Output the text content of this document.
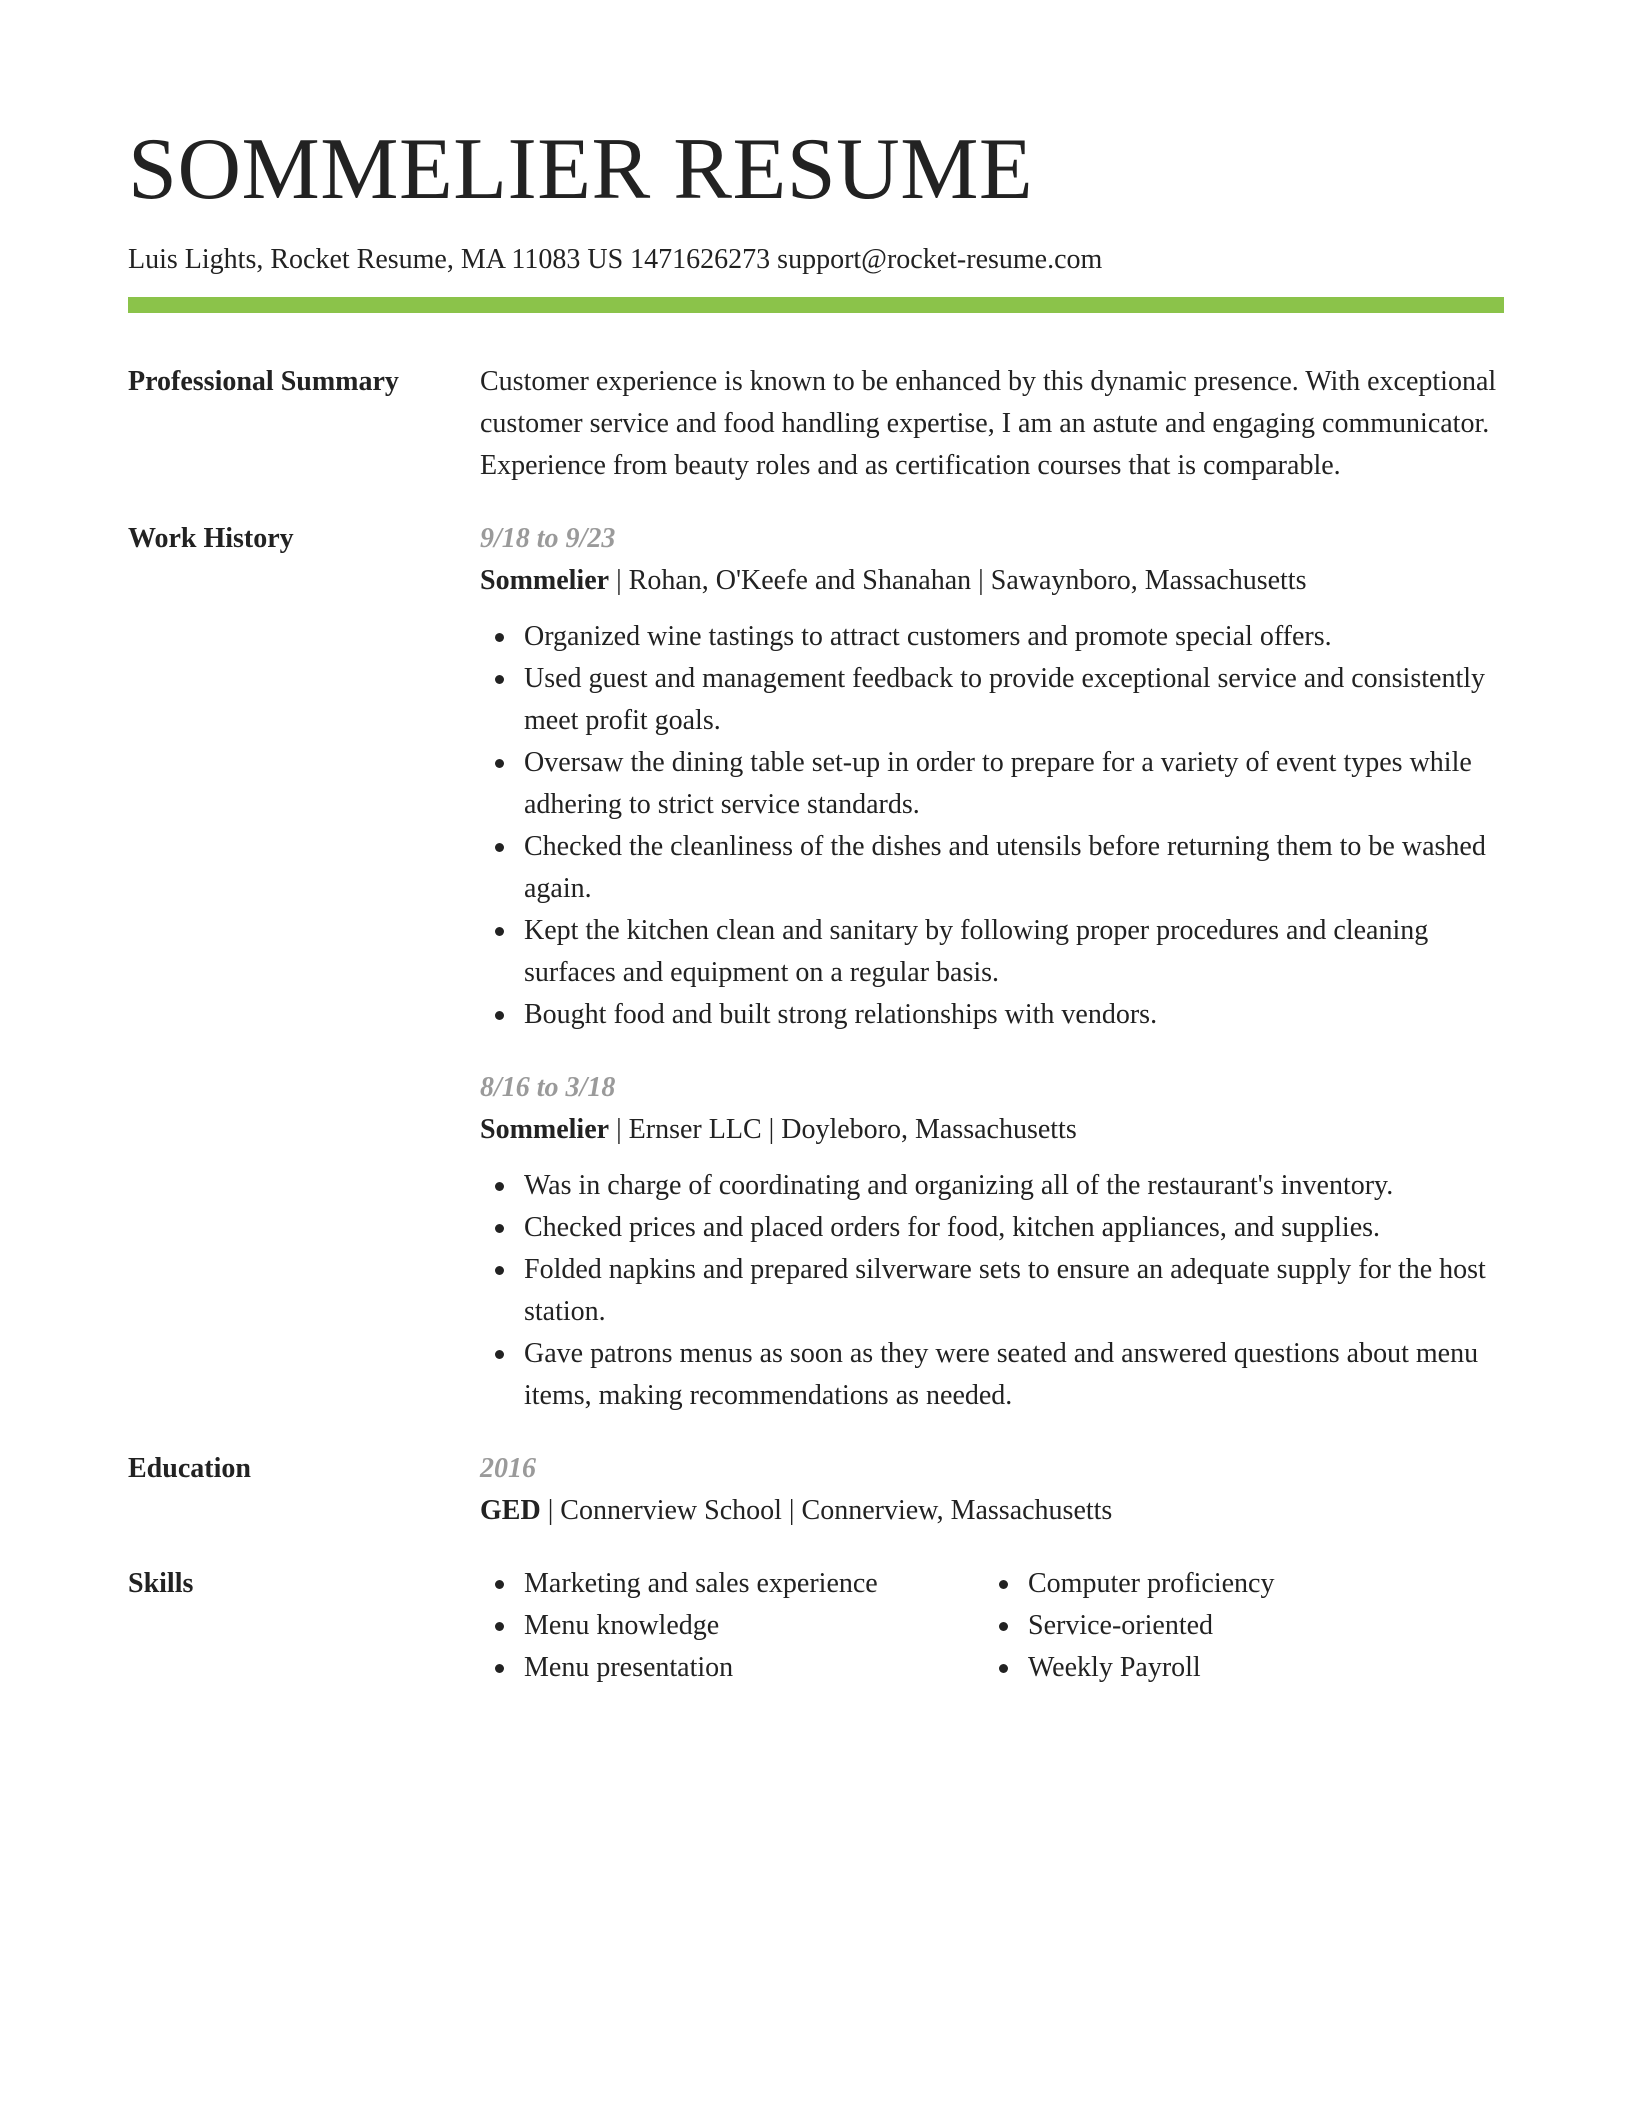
SOMMELIER RESUME
Luis Lights, Rocket Resume, MA 11083 US 1471626273 support@rocket-resume.com
Professional Summary	Customer experience is known to be enhanced by this dynamic presence. With exceptional customer service and food handling expertise, I am an astute and engaging communicator. Experience from beauty roles and as certification courses that is comparable.

Work History	9/18 to 9/23
Sommelier | Rohan, O'Keefe and Shanahan | Sawaynboro, Massachusetts
Organized wine tastings to attract customers and promote special offers.
Used guest and management feedback to provide exceptional service and consistently meet profit goals.
Oversaw the dining table set-up in order to prepare for a variety of event types while adhering to strict service standards.
Checked the cleanliness of the dishes and utensils before returning them to be washed again.
Kept the kitchen clean and sanitary by following proper procedures and cleaning surfaces and equipment on a regular basis.
Bought food and built strong relationships with vendors.
8/16 to 3/18
Sommelier | Ernser LLC | Doyleboro, Massachusetts
Was in charge of coordinating and organizing all of the restaurant's inventory.
Checked prices and placed orders for food, kitchen appliances, and supplies.
Folded napkins and prepared silverware sets to ensure an adequate supply for the host station.
Gave patrons menus as soon as they were seated and answered questions about menu items, making recommendations as needed.
Education	2016
GED | Connerview School | Connerview, Massachusetts
Skills	Marketing and sales experience
Menu knowledge
Menu presentation
Computer proficiency
Service-oriented
Weekly Payroll
